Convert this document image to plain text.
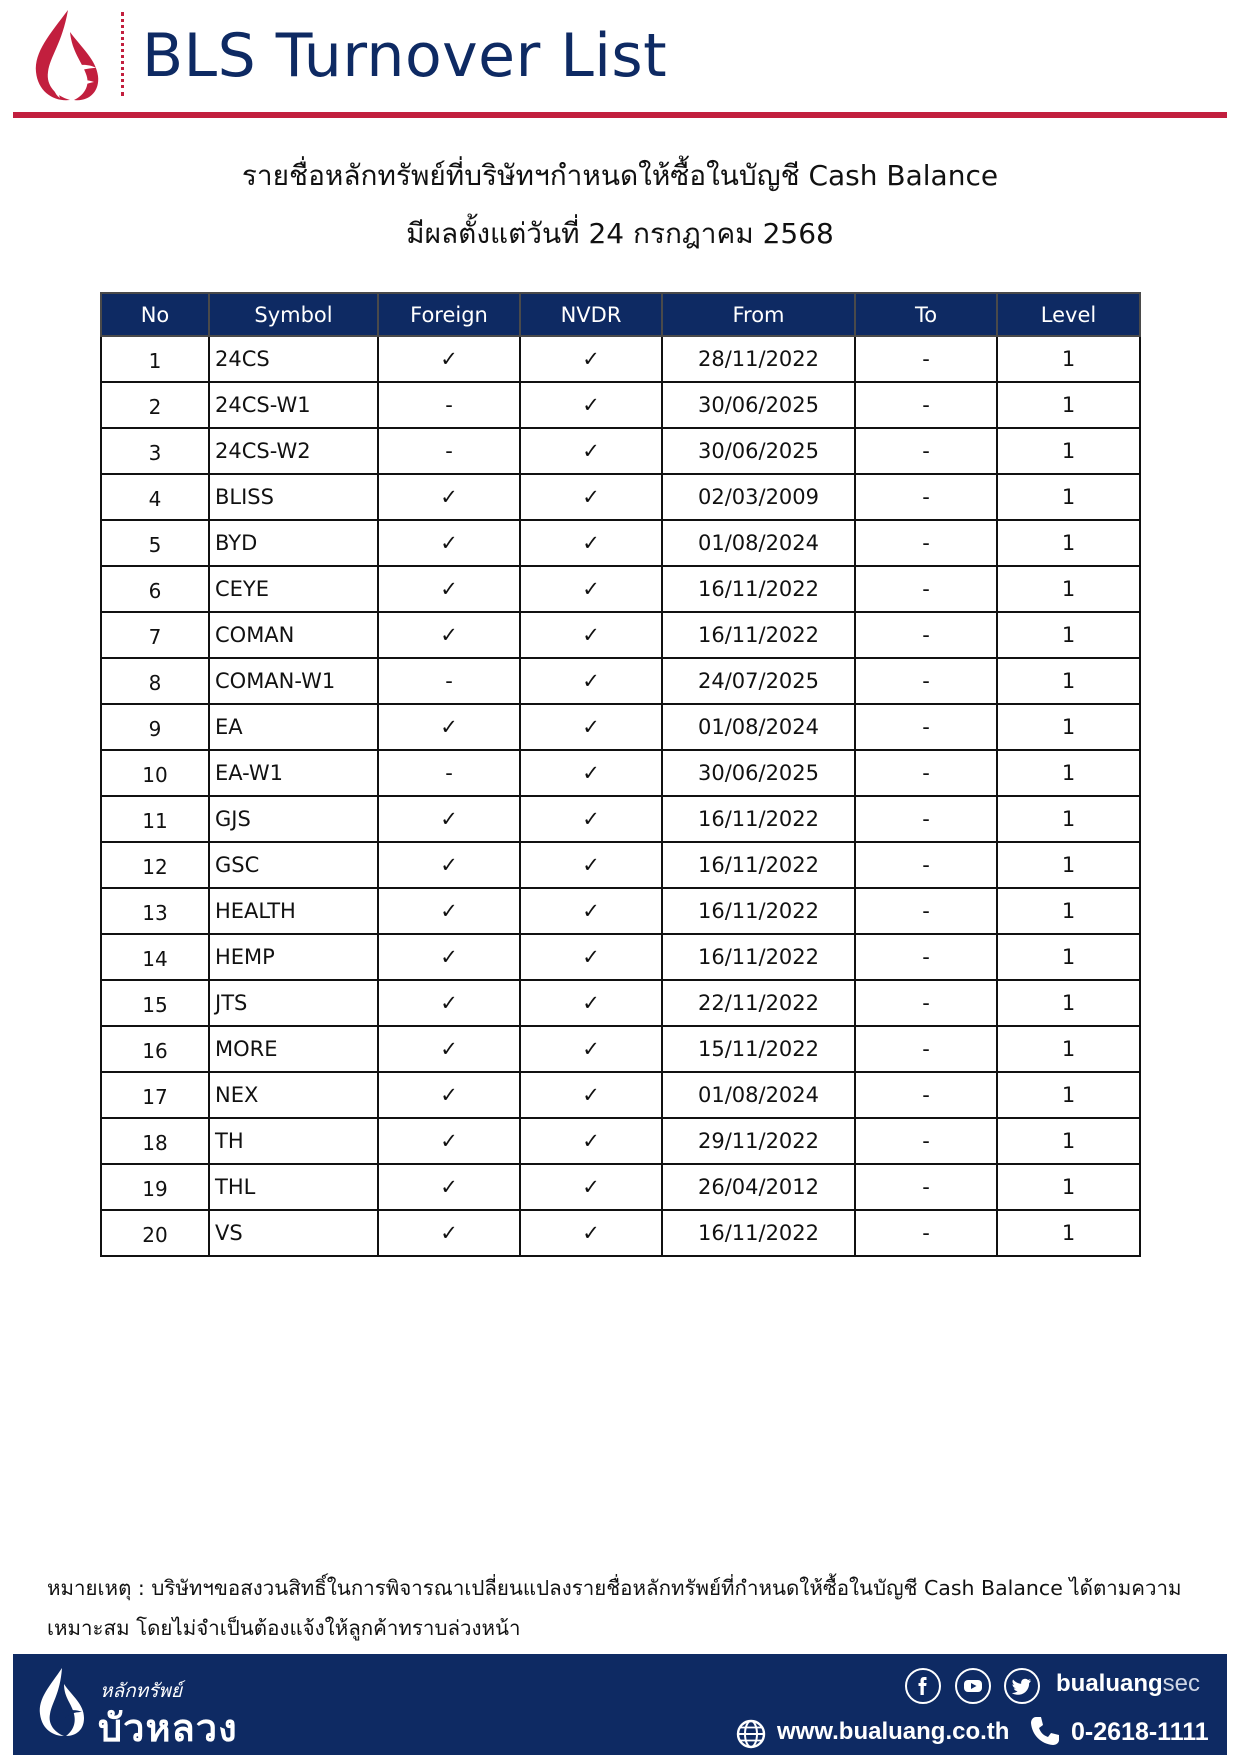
BLS Turnover List
รายชื่อหลักทรัพย์ที่บริษัทฯกำหนดให้ซื้อในบัญชี Cash Balance
มีผลตั้งแต่วันที่ 24 กรกฎาคม 2568
No	Symbol	Foreign	NVDR	From	To	Level
1	24CS	✓	✓	28/11/2022	-	1
2	24CS-W1	-	✓	30/06/2025	-	1
3	24CS-W2	-	✓	30/06/2025	-	1
4	BLISS	✓	✓	02/03/2009	-	1
5	BYD	✓	✓	01/08/2024	-	1
6	CEYE	✓	✓	16/11/2022	-	1
7	COMAN	✓	✓	16/11/2022	-	1
8	COMAN-W1	-	✓	24/07/2025	-	1
9	EA	✓	✓	01/08/2024	-	1
10	EA-W1	-	✓	30/06/2025	-	1
11	GJS	✓	✓	16/11/2022	-	1
12	GSC	✓	✓	16/11/2022	-	1
13	HEALTH	✓	✓	16/11/2022	-	1
14	HEMP	✓	✓	16/11/2022	-	1
15	JTS	✓	✓	22/11/2022	-	1
16	MORE	✓	✓	15/11/2022	-	1
17	NEX	✓	✓	01/08/2024	-	1
18	TH	✓	✓	29/11/2022	-	1
19	THL	✓	✓	26/04/2012	-	1
20	VS	✓	✓	16/11/2022	-	1
หมายเหตุ : บริษัทฯขอสงวนสิทธิ์ในการพิจารณาเปลี่ยนแปลงรายชื่อหลักทรัพย์ที่กำหนดให้ซื้อในบัญชี Cash Balance ได้ตามความ
เหมาะสม โดยไม่จำเป็นต้องแจ้งให้ลูกค้าทราบล่วงหน้า
หลักทรัพย์
บัวหลวง
bualuangsec
www.bualuang.co.th 0-2618-1111
